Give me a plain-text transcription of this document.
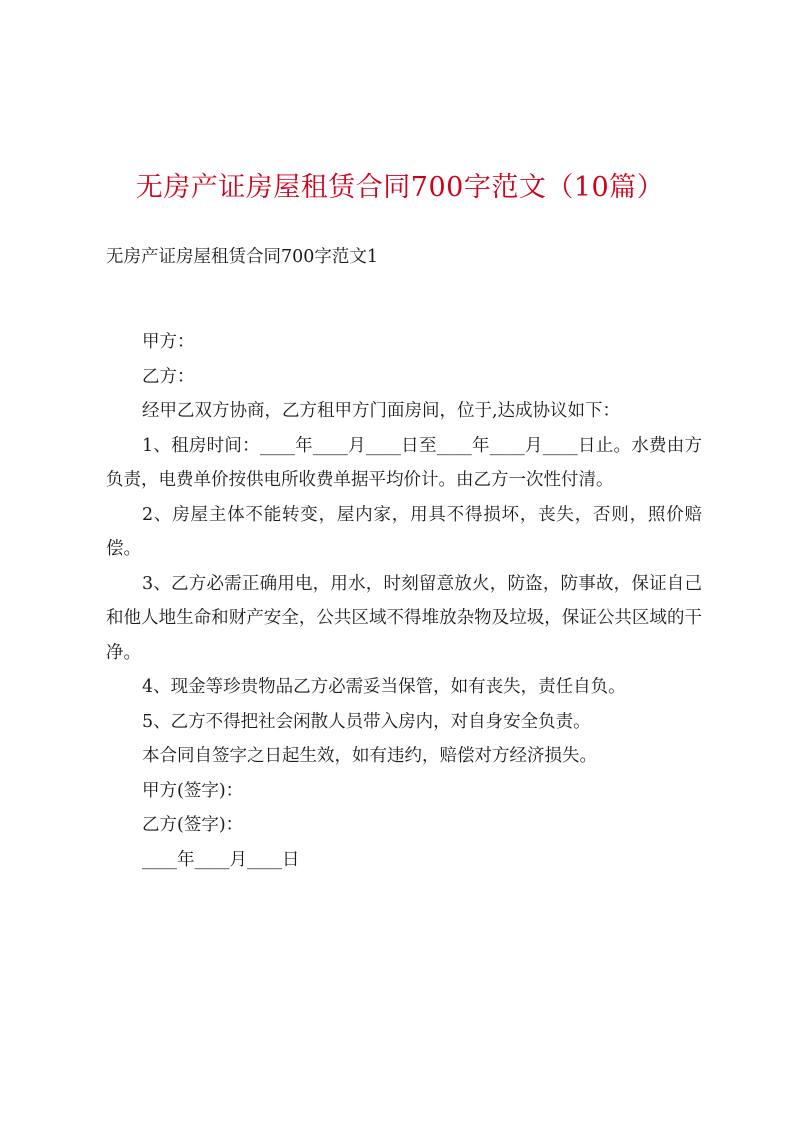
无房产证房屋租赁合同700字范文（10篇）
无房产证房屋租赁合同700字范文1

甲方：

乙方：

经甲乙双方协商，乙方租甲方门面房间，位于,达成协议如下：

1、租房时间：____年____月____日至____年____月____日止。水费由方负责，电费单价按供电所收费单据平均价计。由乙方一次性付清。

2、房屋主体不能转变，屋内家，用具不得损坏，丧失，否则，照价赔偿。

3、乙方必需正确用电，用水，时刻留意放火，防盗，防事故，保证自己和他人地生命和财产安全，公共区域不得堆放杂物及垃圾，保证公共区域的干净。

4、现金等珍贵物品乙方必需妥当保管，如有丧失，责任自负。

5、乙方不得把社会闲散人员带入房内，对自身安全负责。

本合同自签字之日起生效，如有违约，赔偿对方经济损失。

甲方(签字)：

乙方(签字)：

____年____月____日
